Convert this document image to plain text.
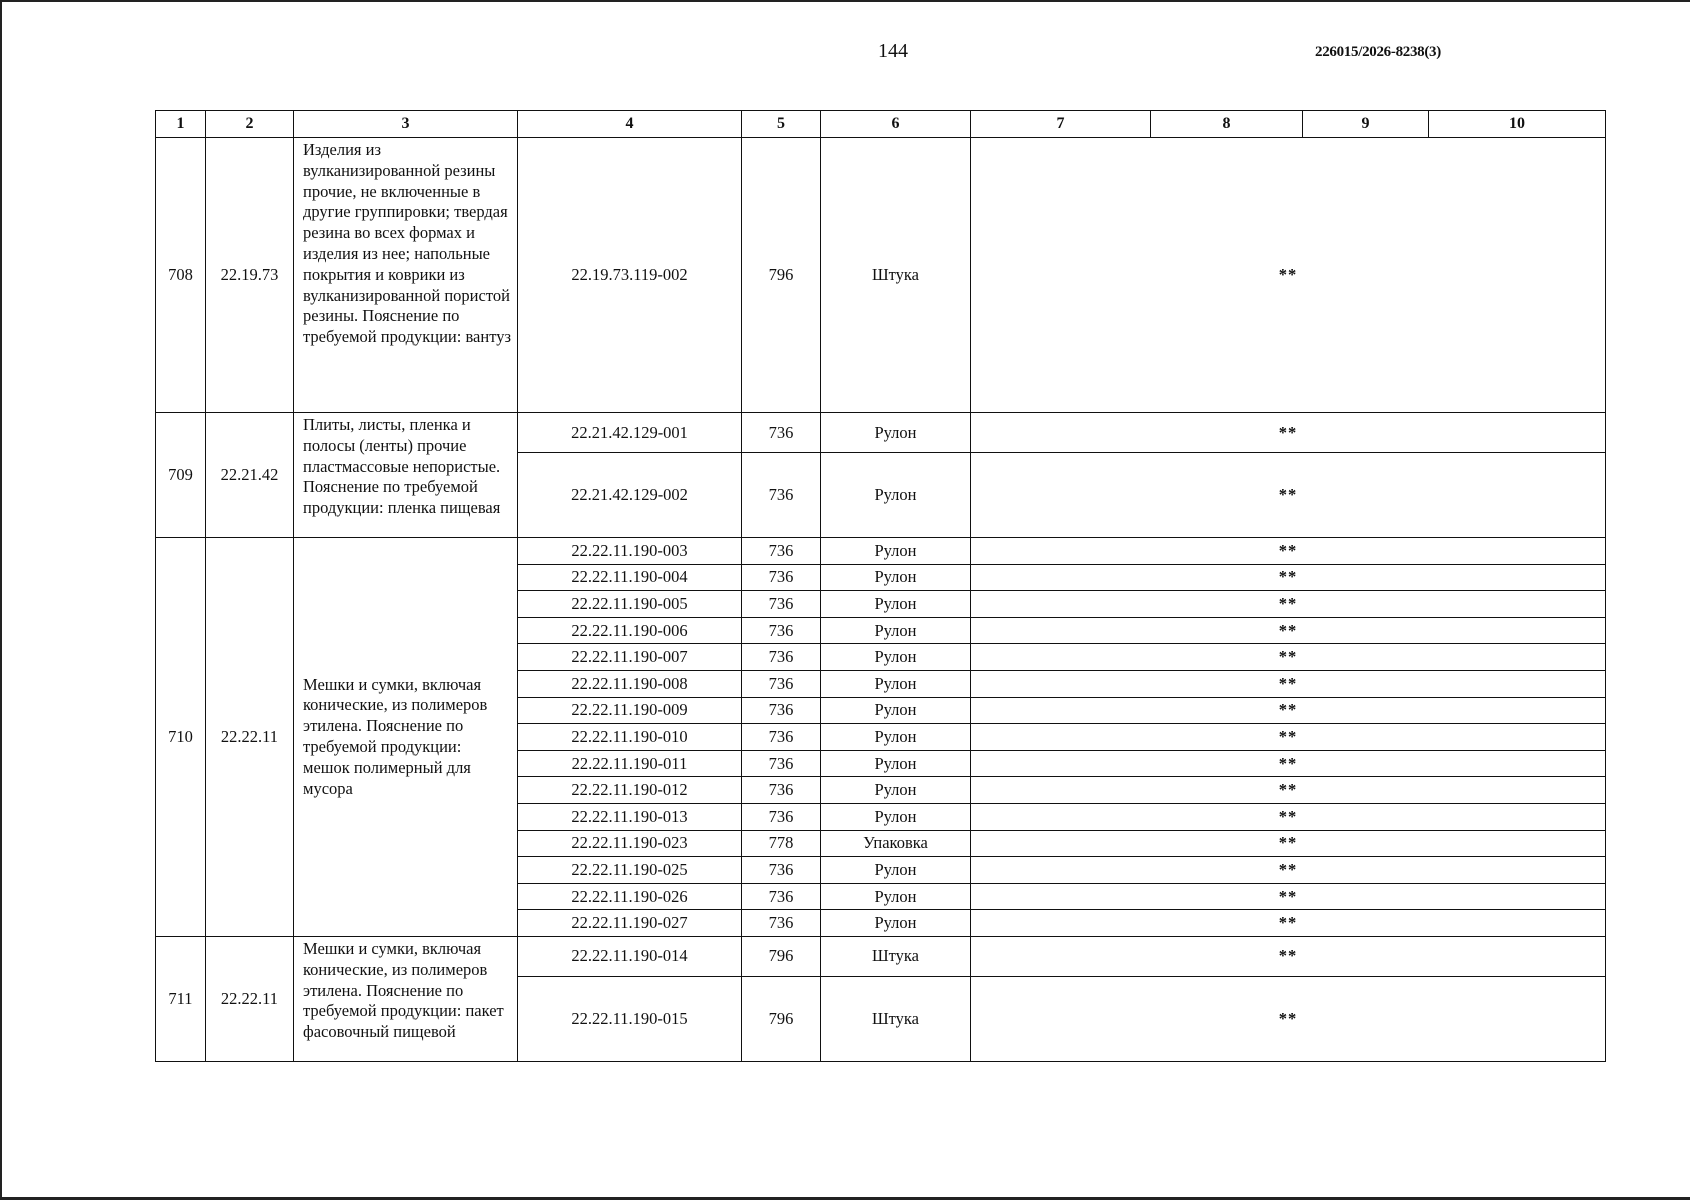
144	226015/2026-8238(3)
1	2	3	4	5	6	7	8	9	10
708	22.19.73	Изделия из вулканизированной резины прочие, не включенные в другие группировки; твердая резина во всех формах и изделия из нее; напольные покрытия и коврики из вулканизированной пористой резины. Пояснение по требуемой продукции: вантуз	22.19.73.119-002	796	Штука	**			
709	22.21.42	Плиты, листы, пленка и полосы (ленты) прочие пластмассовые непористые. Пояснение по требуемой продукции: пленка пищевая	22.21.42.129-001	736	Рулон	**			
			22.21.42.129-002	736	Рулон	**			
710	22.22.11	Мешки и сумки, включая конические, из полимеров этилена. Пояснение по требуемой продукции: мешок полимерный для мусора	22.22.11.190-003	736	Рулон	**			
			22.22.11.190-004	736	Рулон	**			
			22.22.11.190-005	736	Рулон	**			
			22.22.11.190-006	736	Рулон	**			
			22.22.11.190-007	736	Рулон	**			
			22.22.11.190-008	736	Рулон	**			
			22.22.11.190-009	736	Рулон	**			
			22.22.11.190-010	736	Рулон	**			
			22.22.11.190-011	736	Рулон	**			
			22.22.11.190-012	736	Рулон	**			
			22.22.11.190-013	736	Рулон	**			
			22.22.11.190-023	778	Упаковка	**			
			22.22.11.190-025	736	Рулон	**			
			22.22.11.190-026	736	Рулон	**			
			22.22.11.190-027	736	Рулон	**			
711	22.22.11	Мешки и сумки, включая конические, из полимеров этилена. Пояснение по требуемой продукции: пакет фасовочный пищевой	22.22.11.190-014	796	Штука	**			
			22.22.11.190-015	796	Штука	**			
